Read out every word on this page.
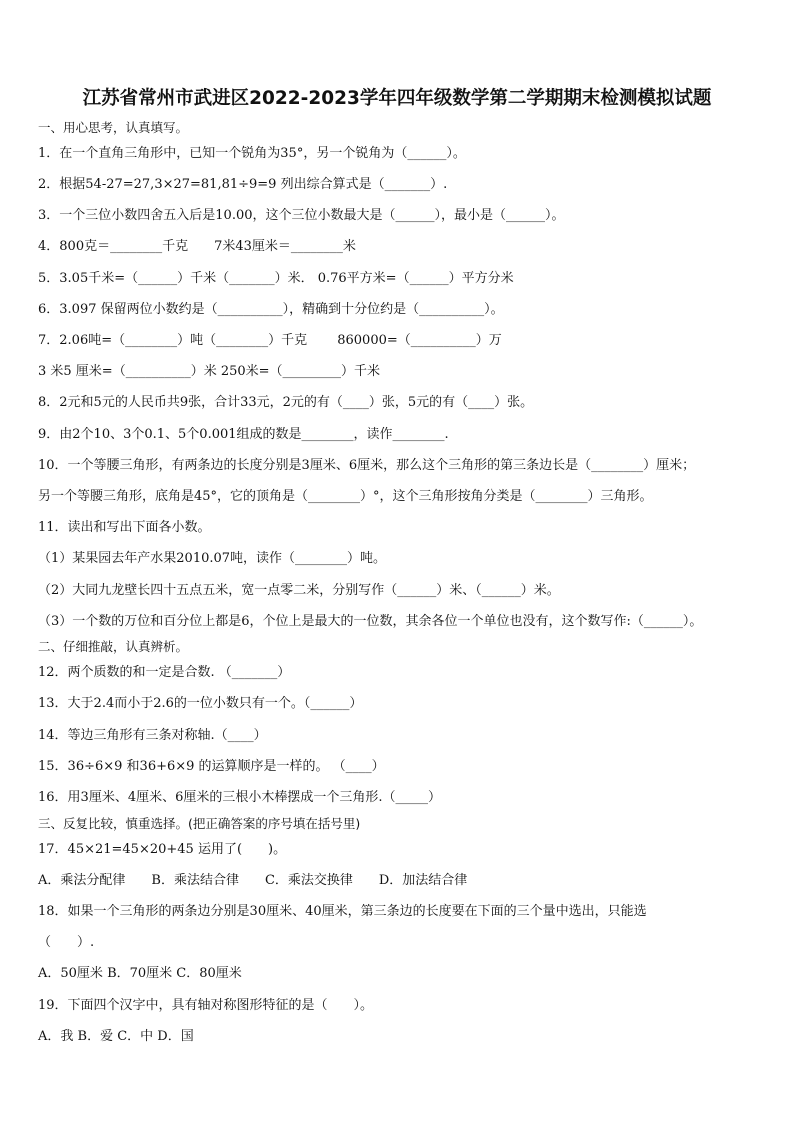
江苏省常州市武进区2022-2023学年四年级数学第二学期期末检测模拟试题
一、用心思考，认真填写。
1．在一个直角三角形中，已知一个锐角为35°，另一个锐角为（______）。
2．根据54-27=27,3×27=81,81÷9=9 列出综合算式是（_______）.
3．一个三位小数四舍五入后是10.00，这个三位小数最大是（______），最小是（______）。
4．800克＝________千克　　7米43厘米＝________米
5．3.05千米=（______）千米（_______）米． 0.76平方米=（______）平方分米
6．3.097 保留两位小数约是（__________），精确到十分位约是（__________）。
7．2.06吨=（________）吨（________）千克　　 860000=（__________）万
3 米5 厘米=（__________）米 250米=（_________）千米
8．2元和5元的人民币共9张，合计33元，2元的有（____）张，5元的有（____）张。
9．由2个10、3个0.1、5个0.001组成的数是________，读作________.
10．一个等腰三角形，有两条边的长度分别是3厘米、6厘米，那么这个三角形的第三条边长是（________）厘米；
另一个等腰三角形，底角是45°，它的顶角是（________）°，这个三角形按角分类是（________）三角形。
11．读出和写出下面各小数。
（1）某果园去年产水果2010.07吨，读作（________）吨。
（2）大同九龙壁长四十五点五米，宽一点零二米，分别写作（______）米、（______）米。
（3）一个数的万位和百分位上都是6，个位上是最大的一位数，其余各位一个单位也没有，这个数写作:（______）。
二、仔细推敲，认真辨析。
12．两个质数的和一定是合数. （_______）
13．大于2.4而小于2.6的一位小数只有一个。（______）
14．等边三角形有三条对称轴.（____）
15．36÷6×9 和36+6×9 的运算顺序是一样的。 （____）
16．用3厘米、4厘米、6厘米的三根小木棒摆成一个三角形.（_____）
三、反复比较，慎重选择。(把正确答案的序号填在括号里)
17．45×21=45×20+45 运用了(　　)。
A．乘法分配律　　B．乘法结合律　　C．乘法交换律　　D．加法结合律
18．如果一个三角形的两条边分别是30厘米、40厘米，第三条边的长度要在下面的三个量中选出，只能选
（　　）.
A．50厘米 B．70厘米 C．80厘米
19．下面四个汉字中，具有轴对称图形特征的是（　　）。
A．我 B．爱 C．中 D．国
